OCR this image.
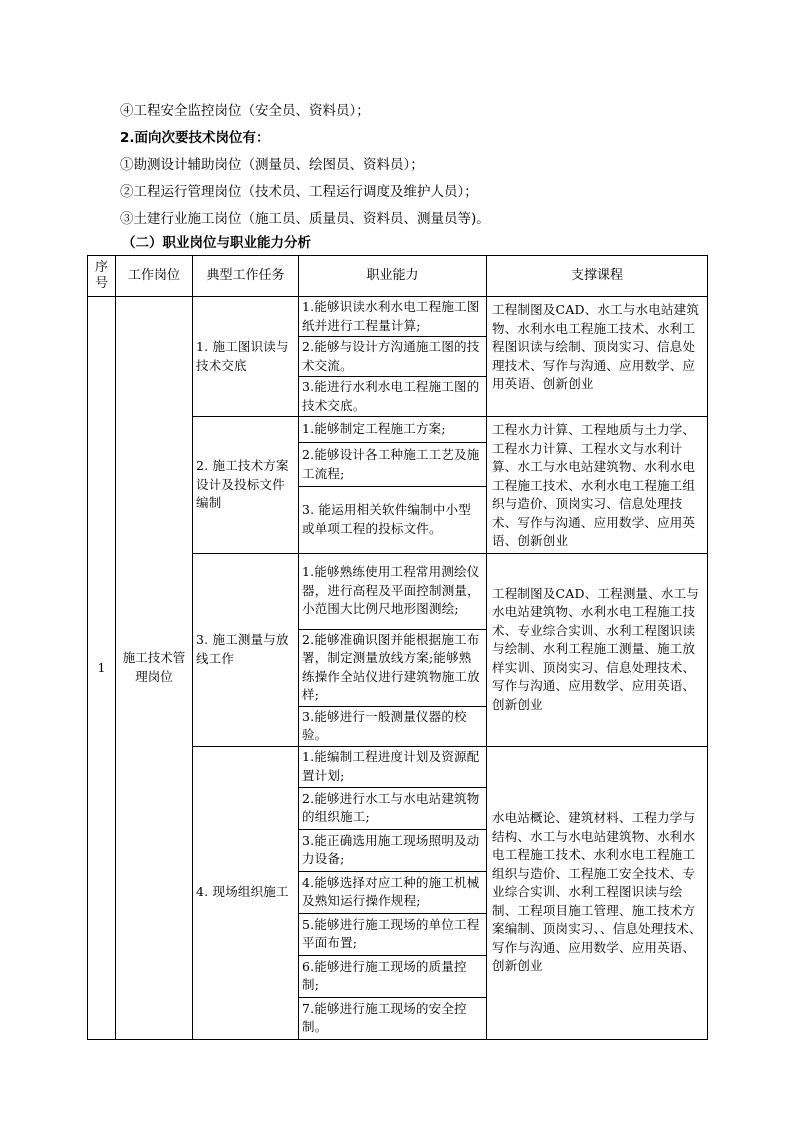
④工程安全监控岗位（安全员、资料员）；
2.面向次要技术岗位有：
①勘测设计辅助岗位（测量员、绘图员、资料员）；
②工程运行管理岗位（技术员、工程运行调度及维护人员）；
③土建行业施工岗位（施工员、质量员、资料员、测量员等)。
（二）职业岗位与职业能力分析
序号	工作岗位	典型工作任务	职业能力	支撑课程
1	施工技术管理岗位	1. 施工图识读与技术交底	1.能够识读水利水电工程施工图纸并进行工程量计算;	工程制图及CAD、水工与水电站建筑物、水利水电工程施工技术、水利工程图识读与绘制、顶岗实习、信息处理技术、写作与沟通、应用数学、应用英语、创新创业
			2.能够与设计方沟通施工图的技术交流。	
			3.能进行水利水电工程施工图的技术交底。	
		2. 施工技术方案设计及投标文件编制	1.能够制定工程施工方案;	工程水力计算、工程地质与土力学、工程水力计算、工程水文与水利计算、水工与水电站建筑物、水利水电工程施工技术、水利水电工程施工组织与造价、顶岗实习、信息处理技术、写作与沟通、应用数学、应用英语、创新创业
			2.能够设计各工种施工工艺及施工流程;	
			3. 能运用相关软件编制中小型或单项工程的投标文件。	
		3. 施工测量与放线工作	1.能够熟练使用工程常用测绘仪器，进行高程及平面控制测量，小范围大比例尺地形图测绘;	工程制图及CAD、工程测量、水工与水电站建筑物、水利水电工程施工技术、专业综合实训、水利工程图识读与绘制、水利工程施工测量、施工放样实训、顶岗实习、信息处理技术、写作与沟通、应用数学、应用英语、创新创业
			2.能够准确识图并能根据施工布署，制定测量放线方案;能够熟练操作全站仪进行建筑物施工放样;	
			3.能够进行一般测量仪器的校验。	
		4. 现场组织施工	1.能编制工程进度计划及资源配置计划;	水电站概论、建筑材料、工程力学与结构、水工与水电站建筑物、水利水电工程施工技术、水利水电工程施工组织与造价、工程施工安全技术、专业综合实训、水利工程图识读与绘制、工程项目施工管理、施工技术方案编制、顶岗实习、、信息处理技术、写作与沟通、应用数学、应用英语、创新创业
			2.能够进行水工与水电站建筑物的组织施工;	
			3.能正确选用施工现场照明及动力设备;	
			4.能够选择对应工种的施工机械及熟知运行操作规程;	
			5.能够进行施工现场的单位工程平面布置;	
			6.能够进行施工现场的质量控制;	
			7.能够进行施工现场的安全控制。	
